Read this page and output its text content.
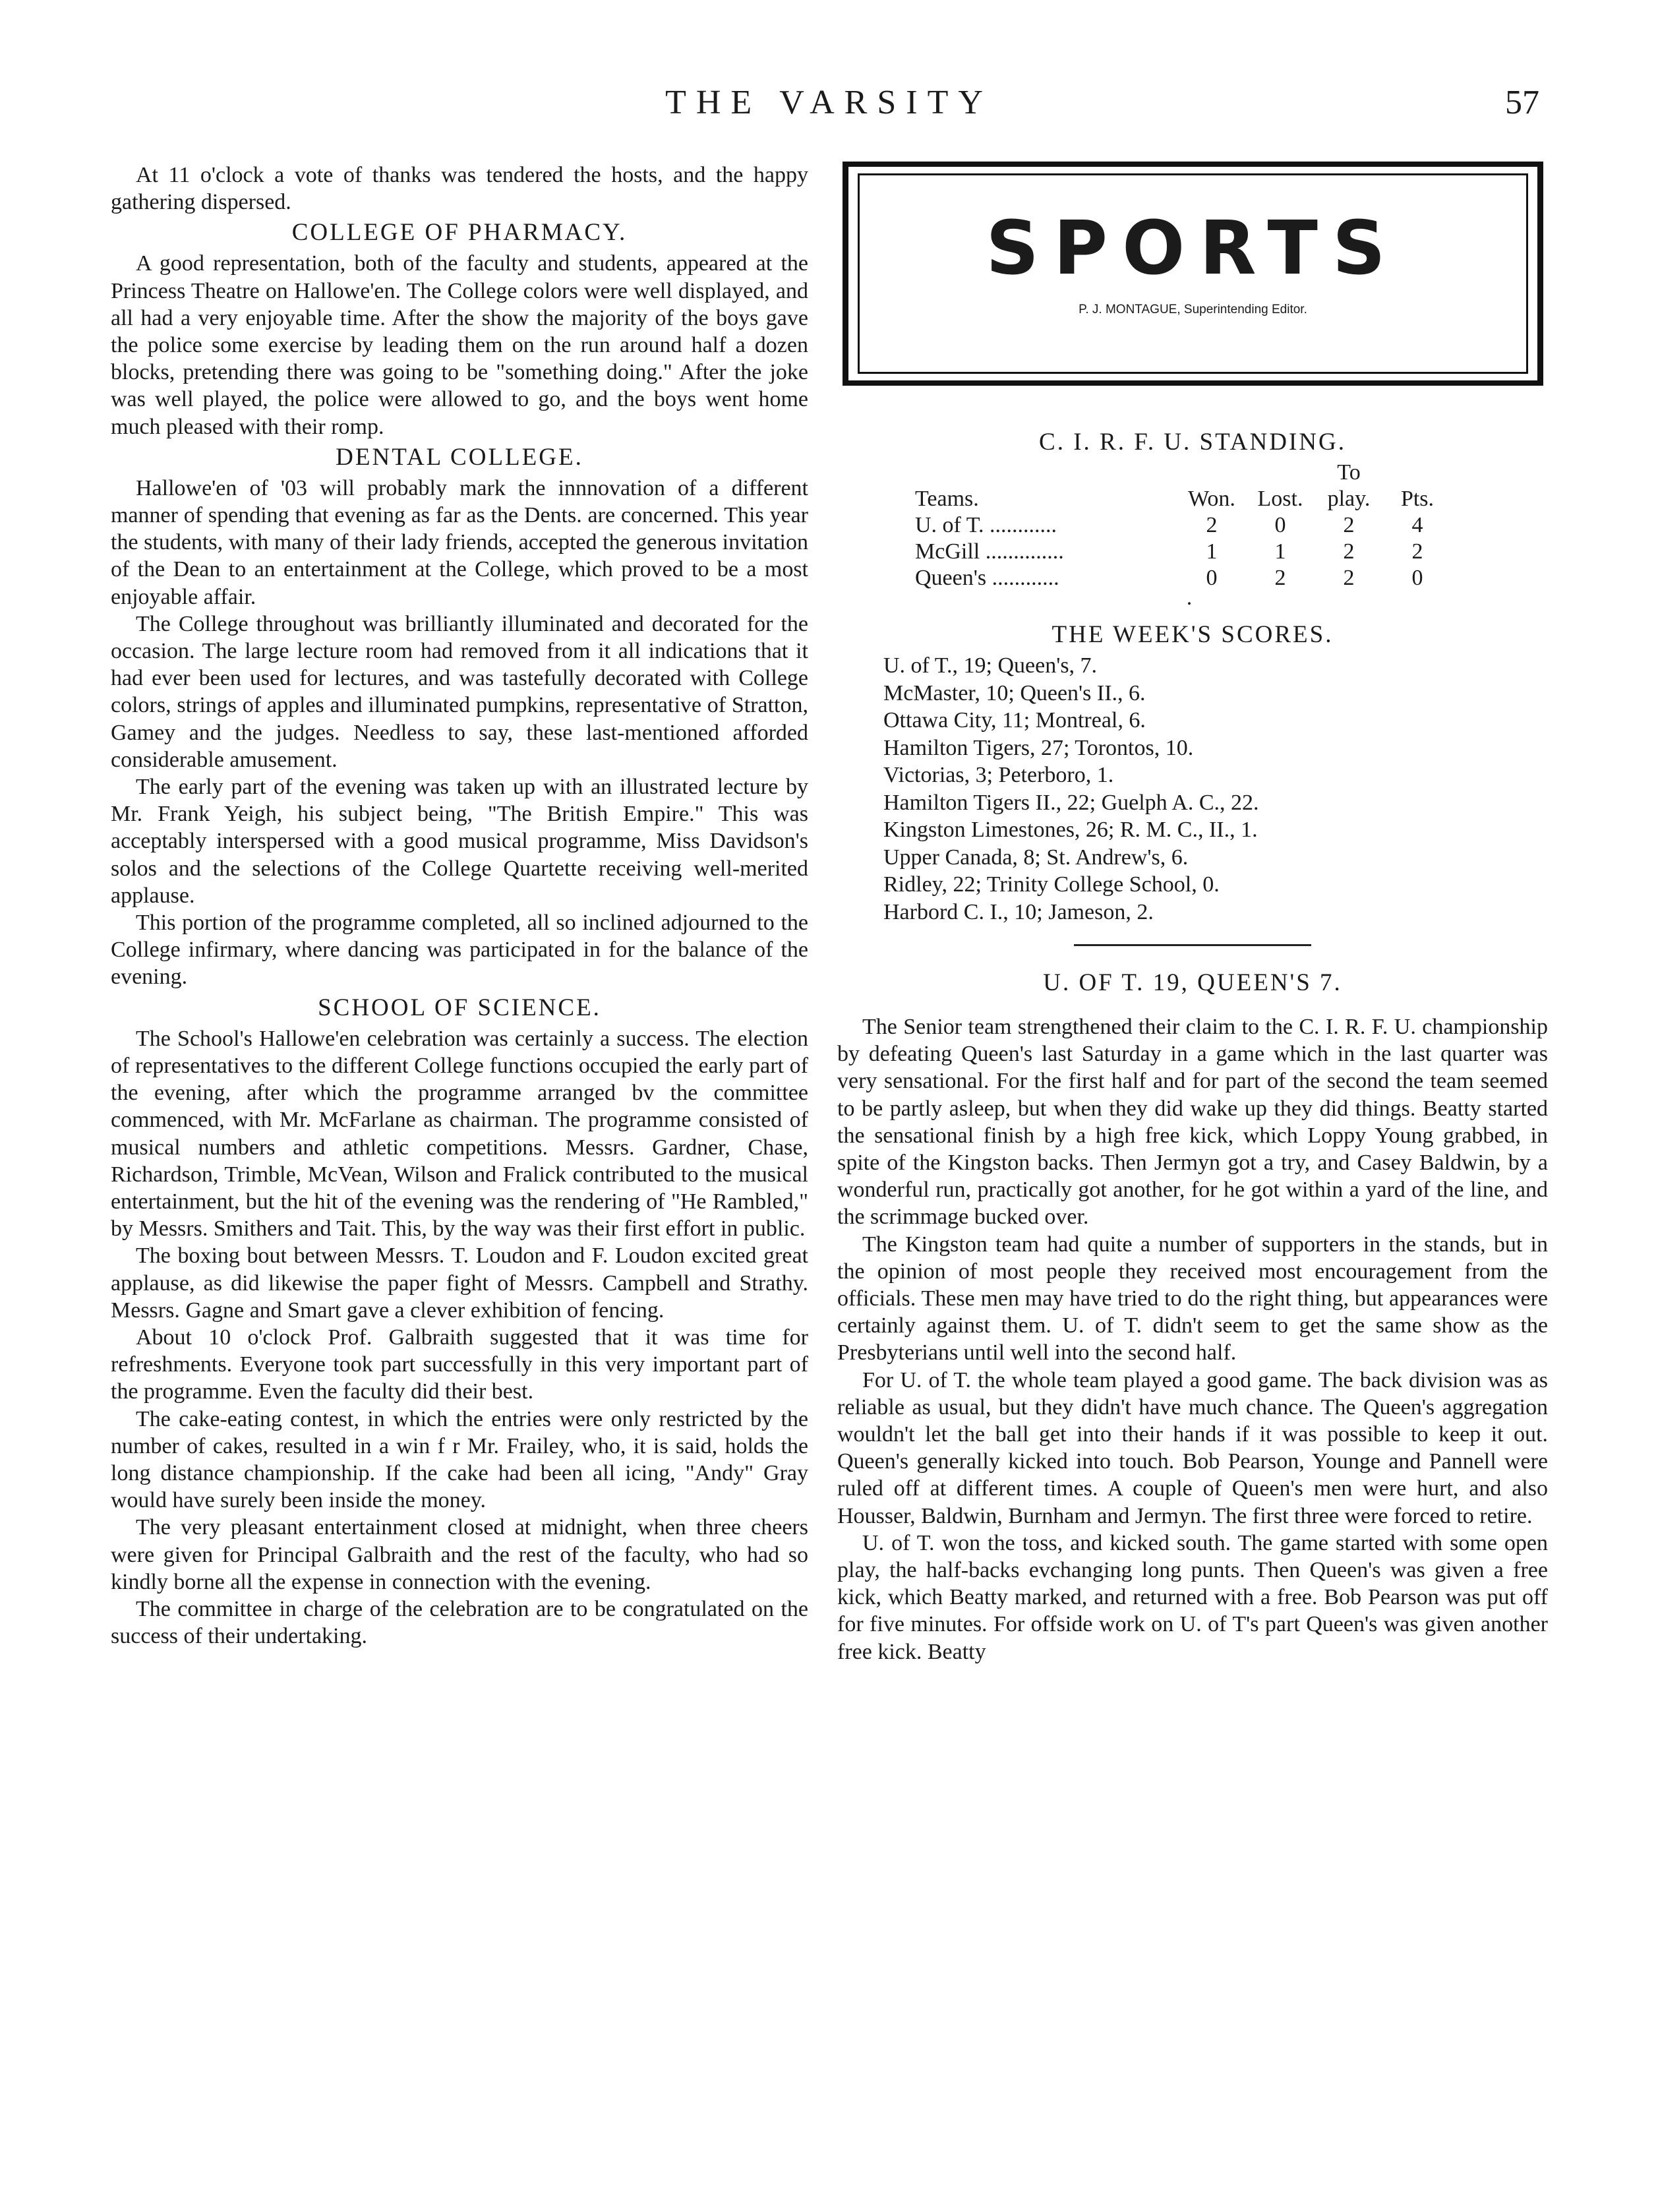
THE VARSITY	57

At 11 o'clock a vote of thanks was tendered the hosts, and the happy gathering dispersed.

COLLEGE OF PHARMACY.

A good representation, both of the faculty and students, appeared at the Princess Theatre on Hallowe'en. The College colors were well displayed, and all had a very enjoyable time. After the show the majority of the boys gave the police some exercise by leading them on the run around half a dozen blocks, pretending there was going to be "something doing." After the joke was well played, the police were allowed to go, and the boys went home much pleased with their romp.

DENTAL COLLEGE.

Hallowe'en of '03 will probably mark the innnovation of a different manner of spending that evening as far as the Dents. are concerned. This year the students, with many of their lady friends, accepted the generous invitation of the Dean to an entertainment at the College, which proved to be a most enjoyable affair.

The College throughout was brilliantly illuminated and decorated for the occasion. The large lecture room had removed from it all indications that it had ever been used for lectures, and was tastefully decorated with College colors, strings of apples and illuminated pumpkins, representative of Stratton, Gamey and the judges. Needless to say, these last-mentioned afforded considerable amusement.

The early part of the evening was taken up with an illustrated lecture by Mr. Frank Yeigh, his subject being, "The British Empire." This was acceptably interspersed with a good musical programme, Miss Davidson's solos and the selections of the College Quartette receiving well-merited applause.

This portion of the programme completed, all so inclined adjourned to the College infirmary, where dancing was participated in for the balance of the evening.

SCHOOL OF SCIENCE.

The School's Hallowe'en celebration was certainly a success. The election of representatives to the different College functions occupied the early part of the evening, after which the programme arranged bv the committee commenced, with Mr. McFarlane as chairman. The programme consisted of musical numbers and athletic competitions. Messrs. Gardner, Chase, Richardson, Trimble, McVean, Wilson and Fralick contributed to the musical entertainment, but the hit of the evening was the rendering of "He Rambled," by Messrs. Smithers and Tait. This, by the way was their first effort in public.

The boxing bout between Messrs. T. Loudon and F. Loudon excited great applause, as did likewise the paper fight of Messrs. Campbell and Strathy. Messrs. Gagne and Smart gave a clever exhibition of fencing.

About 10 o'clock Prof. Galbraith suggested that it was time for refreshments. Everyone took part successfully in this very important part of the programme. Even the faculty did their best.

The cake-eating contest, in which the entries were only restricted by the number of cakes, resulted in a win f r Mr. Frailey, who, it is said, holds the long distance championship. If the cake had been all icing, "Andy" Gray would have surely been inside the money.

The very pleasant entertainment closed at midnight, when three cheers were given for Principal Galbraith and the rest of the faculty, who had so kindly borne all the expense in connection with the evening.

The committee in charge of the celebration are to be congratulated on the success of their undertaking.

SPORTS
P. J. MONTAGUE, Superintending Editor.
C. I. R. F. U. STANDING.
			To	
Teams.	Won.	Lost.	play.	Pts.
U. of T. ............	2	0	2	4
McGill ..............	1	1	2	2
Queen's ............	0	2	2	0
.
THE WEEK'S SCORES.
U. of T., 19; Queen's, 7.
McMaster, 10; Queen's II., 6.
Ottawa City, 11; Montreal, 6.
Hamilton Tigers, 27; Torontos, 10.
Victorias, 3; Peterboro, 1.
Hamilton Tigers II., 22; Guelph A. C., 22.
Kingston Limestones, 26; R. M. C., II., 1.
Upper Canada, 8; St. Andrew's, 6.
Ridley, 22; Trinity College School, 0.
Harbord C. I., 10; Jameson, 2.
U. OF T. 19, QUEEN'S 7.

The Senior team strengthened their claim to the C. I. R. F. U. championship by defeating Queen's last Saturday in a game which in the last quarter was very sensational. For the first half and for part of the second the team seemed to be partly asleep, but when they did wake up they did things. Beatty started the sensational finish by a high free kick, which Loppy Young grabbed, in spite of the Kingston backs. Then Jermyn got a try, and Casey Baldwin, by a wonderful run, practically got another, for he got within a yard of the line, and the scrimmage bucked over.

The Kingston team had quite a number of supporters in the stands, but in the opinion of most people they received most encouragement from the officials. These men may have tried to do the right thing, but appearances were certainly against them. U. of T. didn't seem to get the same show as the Presbyterians until well into the second half.

For U. of T. the whole team played a good game. The back division was as reliable as usual, but they didn't have much chance. The Queen's aggregation wouldn't let the ball get into their hands if it was possible to keep it out. Queen's generally kicked into touch. Bob Pearson, Younge and Pannell were ruled off at different times. A couple of Queen's men were hurt, and also Housser, Baldwin, Burnham and Jermyn. The first three were forced to retire.

U. of T. won the toss, and kicked south. The game started with some open play, the half-backs evchanging long punts. Then Queen's was given a free kick, which Beatty marked, and returned with a free. Bob Pearson was put off for five minutes. For offside work on U. of T's part Queen's was given another free kick. Beatty
